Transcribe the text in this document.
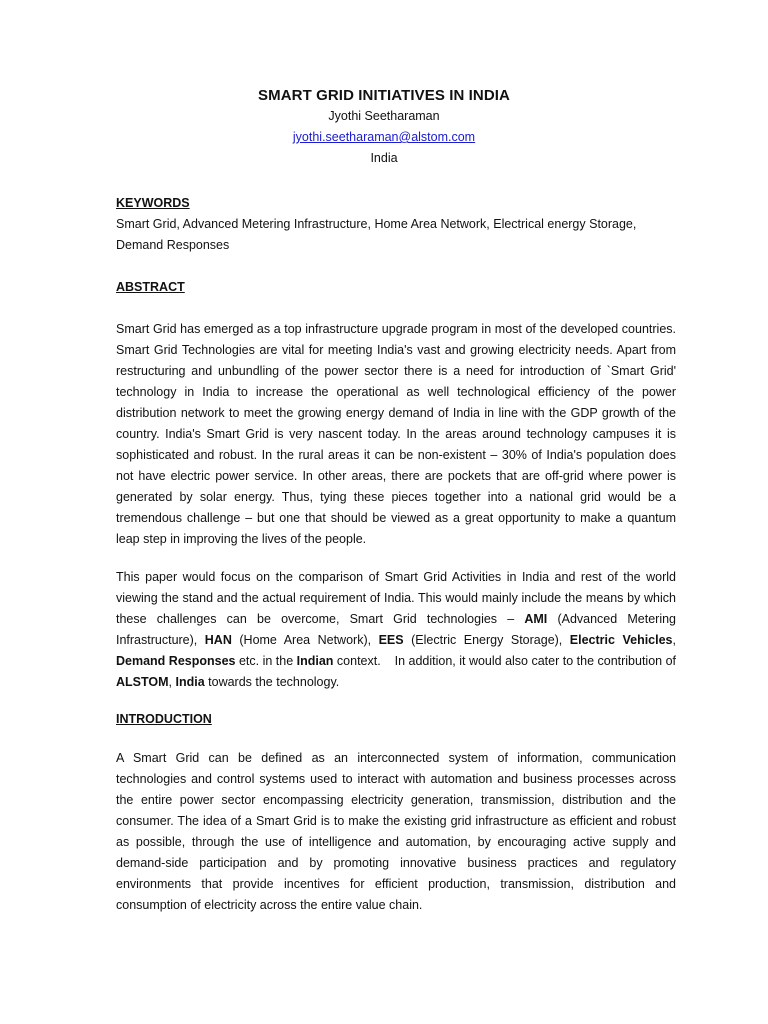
SMART GRID INITIATIVES IN INDIA

Jyothi Seetharaman

jyothi.seetharaman@alstom.com

India

KEYWORDS

Smart Grid, Advanced Metering Infrastructure, Home Area Network, Electrical energy Storage,

Demand Responses

ABSTRACT

Smart Grid has emerged as a top infrastructure upgrade program in most of the developed countries. Smart Grid Technologies are vital for meeting India's vast and growing electricity needs. Apart from restructuring and unbundling of the power sector there is a need for introduction of `Smart Grid' technology in India to increase the operational as well technological efficiency of the power distribution network to meet the growing energy demand of India in line with the GDP growth of the country. India's Smart Grid is very nascent today. In the areas around technology campuses it is sophisticated and robust. In the rural areas it can be non-existent – 30% of India's population does not have electric power service. In other areas, there are pockets that are off-grid where power is generated by solar energy. Thus, tying these pieces together into a national grid would be a tremendous challenge – but one that should be viewed as a great opportunity to make a quantum leap step in improving the lives of the people.

This paper would focus on the comparison of Smart Grid Activities in India and rest of the world viewing the stand and the actual requirement of India. This would mainly include the means by which these challenges can be overcome, Smart Grid technologies – AMI (Advanced Metering Infrastructure), HAN (Home Area Network), EES (Electric Energy Storage), Electric Vehicles, Demand Responses etc. in the Indian context.    In addition, it would also cater to the contribution of ALSTOM, India towards the technology.

INTRODUCTION

A Smart Grid can be defined as an interconnected system of information, communication technologies and control systems used to interact with automation and business processes across the entire power sector encompassing electricity generation, transmission, distribution and the consumer. The idea of a Smart Grid is to make the existing grid infrastructure as efficient and robust as possible, through the use of intelligence and automation, by encouraging active supply and demand-side participation and by promoting innovative business practices and regulatory environments that provide incentives for efficient production, transmission, distribution and consumption of electricity across the entire value chain.
